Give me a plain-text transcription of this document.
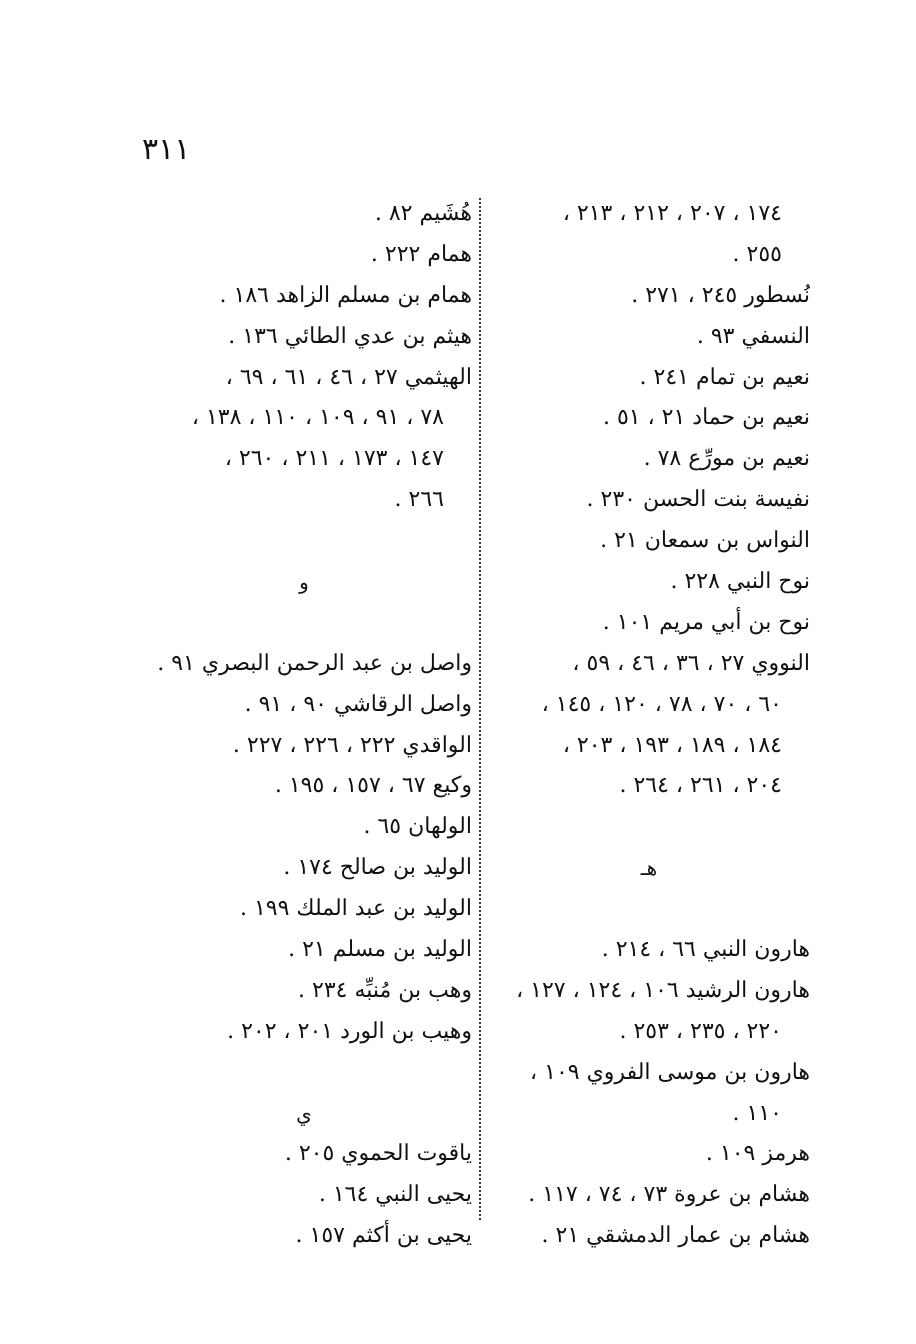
٣١١
١٧٤ ، ٢٠٧ ، ٢١٢ ، ٢١٣ ،
٢٥٥ .
نُسطور ٢٤٥ ، ٢٧١ .
النسفي ٩٣ .
نعيم بن تمام ٢٤١ .
نعيم بن حماد ٢١ ، ٥١ .
نعيم بن مورِّع ٧٨ .
نفيسة بنت الحسن ٢٣٠ .
النواس بن سمعان ٢١ .
نوح النبي ٢٢٨ .
نوح بن أبي مريم ١٠١ .
النووي ٢٧ ، ٣٦ ، ٤٦ ، ٥٩ ،
٦٠ ، ٧٠ ، ٧٨ ، ١٢٠ ، ١٤٥ ،
١٨٤ ، ١٨٩ ، ١٩٣ ، ٢٠٣ ،
٢٠٤ ، ٢٦١ ، ٢٦٤ .
هـ
هارون النبي ٦٦ ، ٢١٤ .
هارون الرشيد ١٠٦ ، ١٢٤ ، ١٢٧ ،
٢٢٠ ، ٢٣٥ ، ٢٥٣ .
هارون بن موسى الفروي ١٠٩ ،
١١٠ .
هرمز ١٠٩ .
هشام بن عروة ٧٣ ، ٧٤ ، ١١٧ .
هشام بن عمار الدمشقي ٢١ .
هُشَيم ٨٢ .
همام ٢٢٢ .
همام بن مسلم الزاهد ١٨٦ .
هيثم بن عدي الطائي ١٣٦ .
الهيثمي ٢٧ ، ٤٦ ، ٦١ ، ٦٩ ،
٧٨ ، ٩١ ، ١٠٩ ، ١١٠ ، ١٣٨ ،
١٤٧ ، ١٧٣ ، ٢١١ ، ٢٦٠ ،
٢٦٦ .
و
واصل بن عبد الرحمن البصري ٩١ .
واصل الرقاشي ٩٠ ، ٩١ .
الواقدي ٢٢٢ ، ٢٢٦ ، ٢٢٧ .
وكيع ٦٧ ، ١٥٧ ، ١٩٥ .
الولهان ٦٥ .
الوليد بن صالح ١٧٤ .
الوليد بن عبد الملك ١٩٩ .
الوليد بن مسلم ٢١ .
وهب بن مُنبِّه ٢٣٤ .
وهيب بن الورد ٢٠١ ، ٢٠٢ .
ي
ياقوت الحموي ٢٠٥ .
يحيى النبي ١٦٤ .
يحيى بن أكثم ١٥٧ .
